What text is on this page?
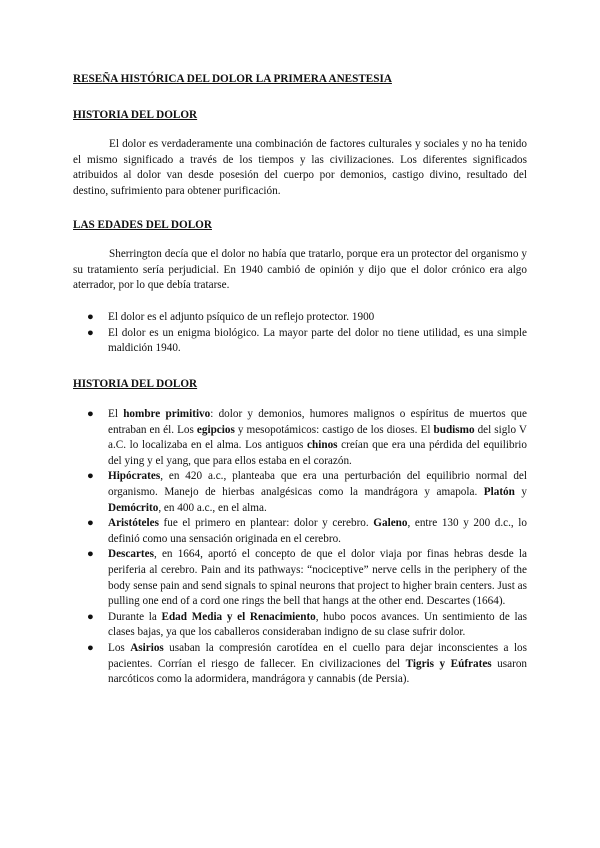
RESEÑA HISTÓRICA DEL DOLOR LA PRIMERA ANESTESIA
HISTORIA DEL DOLOR

El dolor es verdaderamente una combinación de factores culturales y sociales y no ha tenido el mismo significado a través de los tiempos y las civilizaciones. Los diferentes significados atribuidos al dolor van desde posesión del cuerpo por demonios, castigo divino, resultado del destino, sufrimiento para obtener purificación.

LAS EDADES DEL DOLOR

Sherrington decía que el dolor no había que tratarlo, porque era un protector del organismo y su tratamiento sería perjudicial. En 1940 cambió de opinión y dijo que el dolor crónico era algo aterrador, por lo que debía tratarse.

● El dolor es el adjunto psíquico de un reflejo protector. 1900
● El dolor es un enigma biológico. La mayor parte del dolor no tiene utilidad, es una simple maldición 1940.
HISTORIA DEL DOLOR
● El hombre primitivo: dolor y demonios, humores malignos o espíritus de muertos que entraban en él. Los egipcios y mesopotámicos: castigo de los dioses. El budismo del siglo V a.C. lo localizaba en el alma. Los antiguos chinos creían que era una pérdida del equilibrio del ying y el yang, que para ellos estaba en el corazón.
● Hipócrates, en 420 a.c., planteaba que era una perturbación del equilibrio normal del organismo. Manejo de hierbas analgésicas como la mandrágora y amapola. Platón y Demócrito, en 400 a.c., en el alma.
● Aristóteles fue el primero en plantear: dolor y cerebro. Galeno, entre 130 y 200 d.c., lo definió como una sensación originada en el cerebro.
● Descartes, en 1664, aportó el concepto de que el dolor viaja por finas hebras desde la periferia al cerebro. Pain and its pathways: “nociceptive” nerve cells in the periphery of the body sense pain and send signals to spinal neurons that project to higher brain centers. Just as pulling one end of a cord one rings the bell that hangs at the other end. Descartes (1664).
● Durante la Edad Media y el Renacimiento, hubo pocos avances. Un sentimiento de las clases bajas, ya que los caballeros consideraban indigno de su clase sufrir dolor.
● Los Asirios usaban la compresión carotídea en el cuello para dejar inconscientes a los pacientes. Corrían el riesgo de fallecer. En civilizaciones del Tigris y Eúfrates usaron narcóticos como la adormidera, mandrágora y cannabis (de Persia).
